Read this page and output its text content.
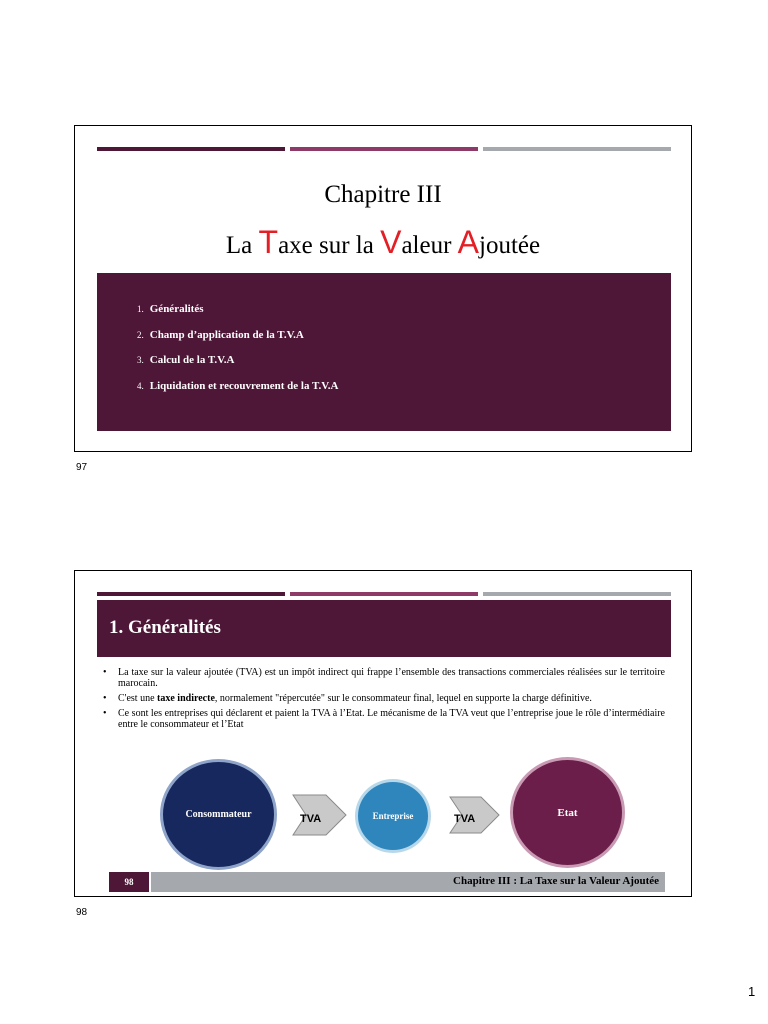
Chapitre III
La Taxe sur la Valeur Ajoutée
1. Généralités
2. Champ d’application de la T.V.A
3. Calcul de la T.V.A
4. Liquidation et recouvrement de la T.V.A
97
1. Généralités
• La taxe sur la valeur ajoutée (TVA) est un impôt indirect qui frappe l’ensemble des transactions commerciales réalisées sur le territoire marocain.
• C'est une taxe indirecte, normalement "répercutée" sur le consommateur final, lequel en supporte la charge définitive.
• Ce sont les entreprises qui déclarent et paient la TVA à l’Etat. Le mécanisme de la TVA veut que l’entreprise joue le rôle d’intermédiaire entre le consommateur et l’Etat
Consommateur	TVA	Entreprise	TVA
Etat
98	Chapitre III : La Taxe sur la Valeur Ajoutée
98
1
